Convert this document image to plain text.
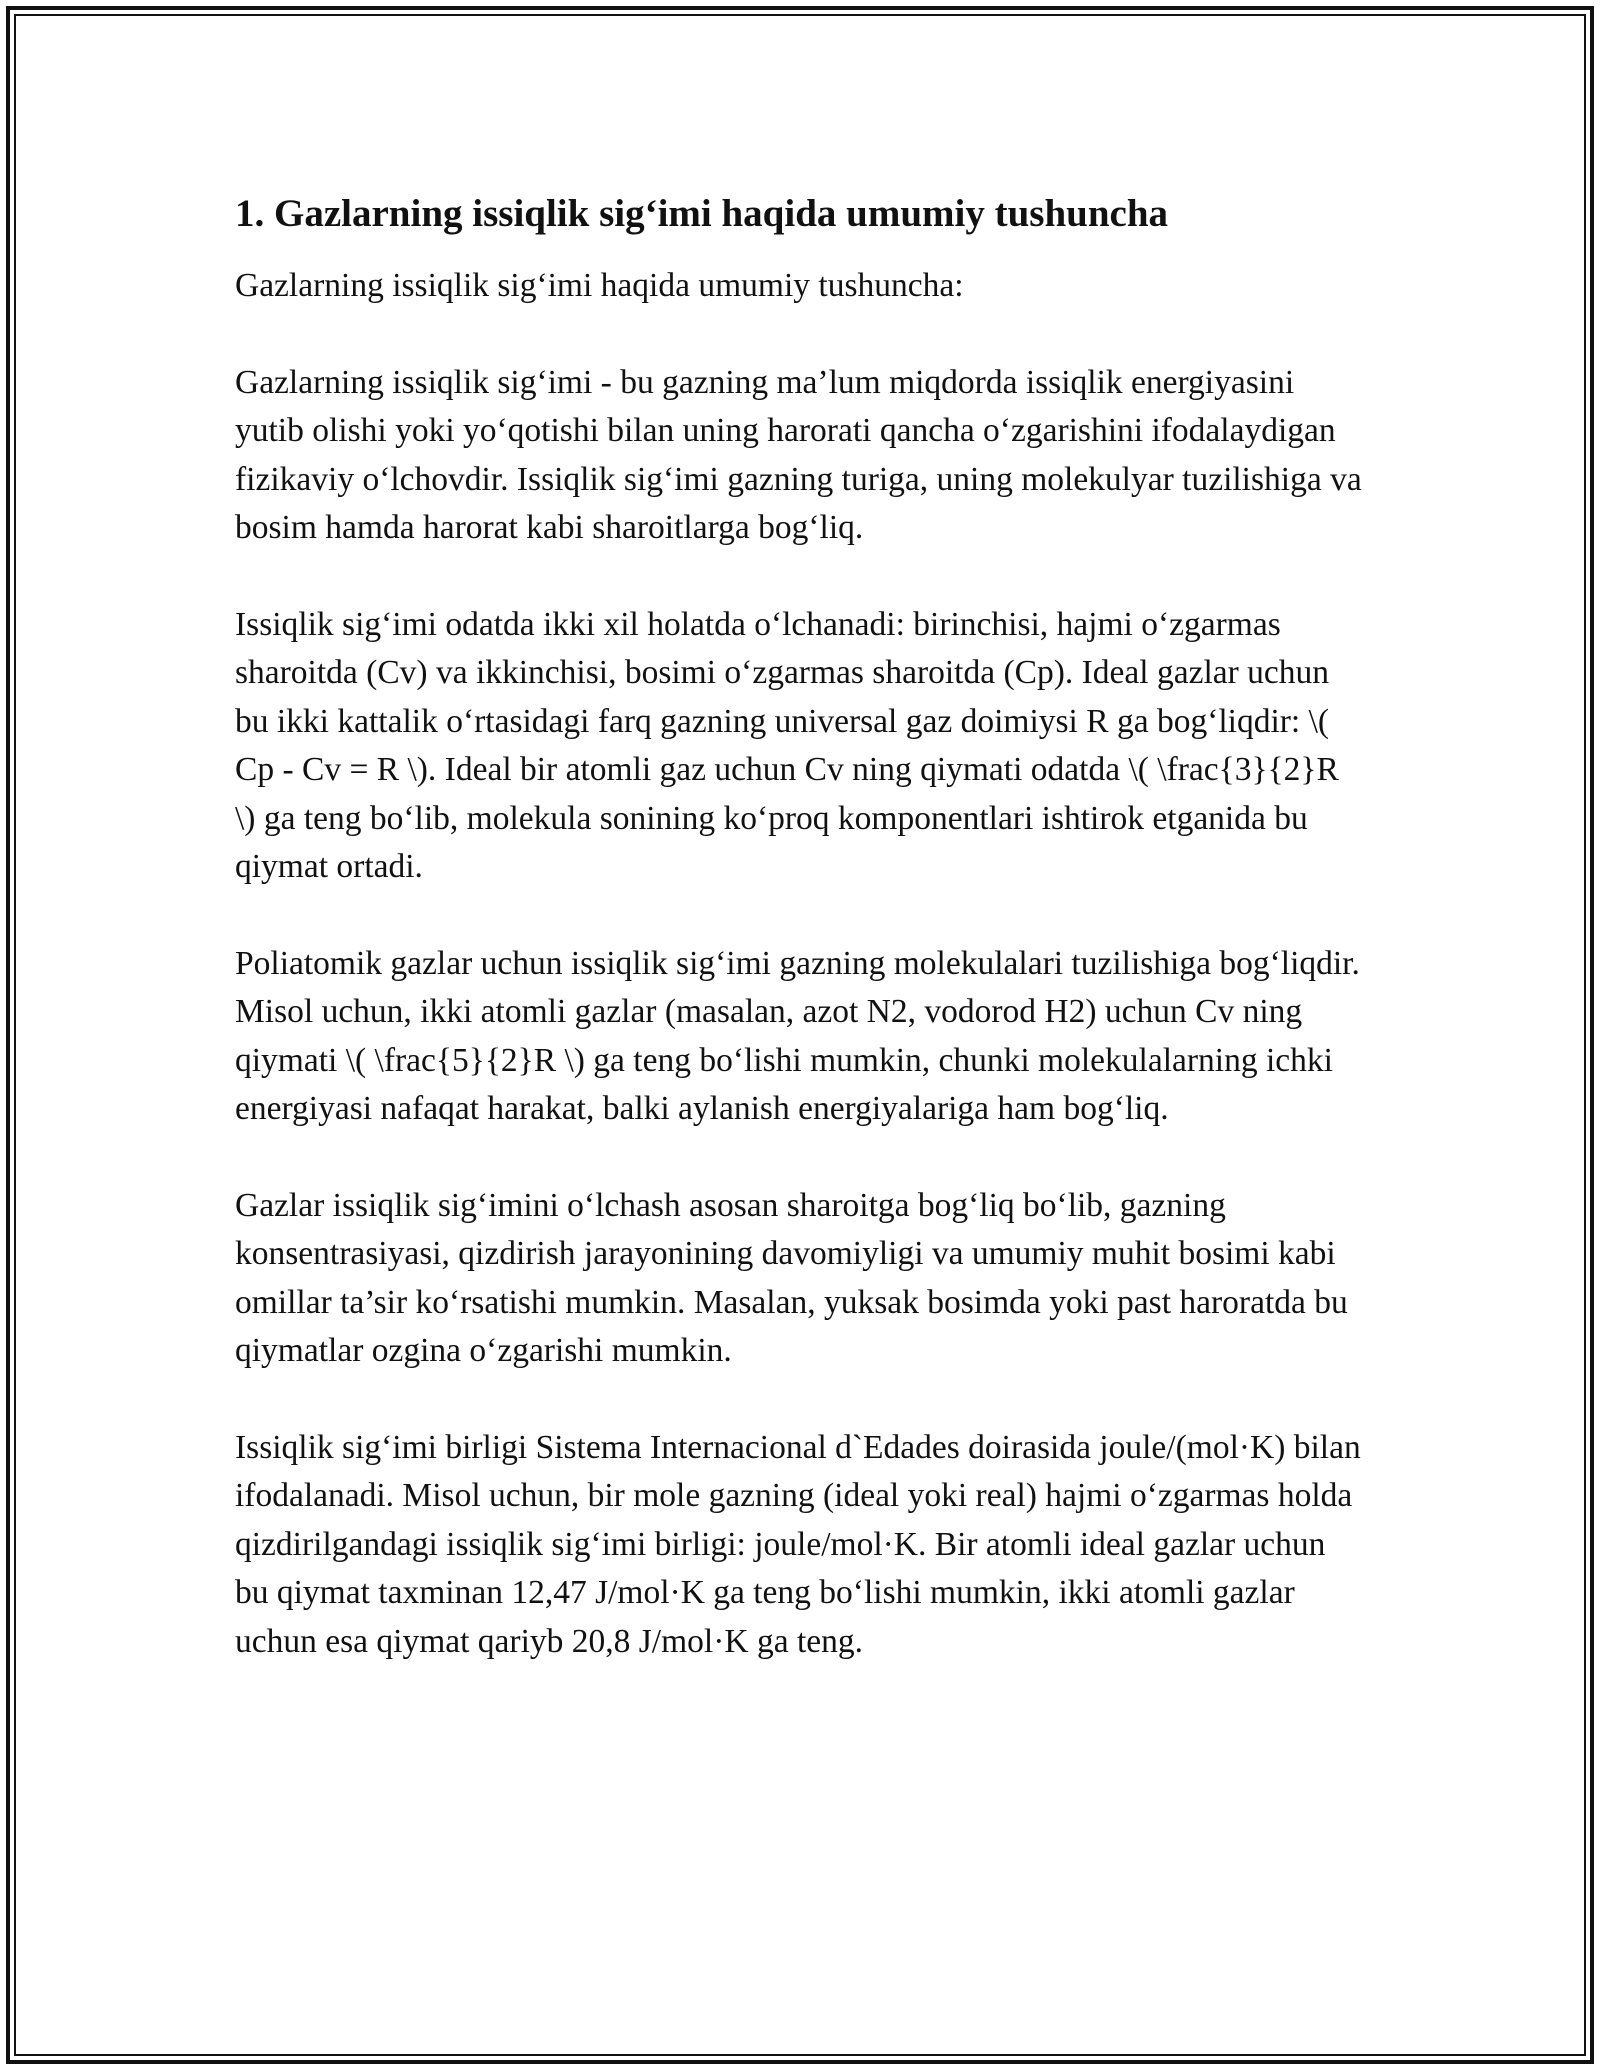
1. Gazlarning issiqlik sig‘imi haqida umumiy tushuncha

Gazlarning issiqlik sig‘imi haqida umumiy tushuncha:

Gazlarning issiqlik sig‘imi - bu gazning ma’lum miqdorda issiqlik energiyasini yutib olishi yoki yo‘qotishi bilan uning harorati qancha o‘zgarishini ifodalaydigan fizikaviy o‘lchovdir. Issiqlik sig‘imi gazning turiga, uning molekulyar tuzilishiga va bosim hamda harorat kabi sharoitlarga bog‘liq.

Issiqlik sig‘imi odatda ikki xil holatda o‘lchanadi: birinchisi, hajmi o‘zgarmas sharoitda (Cv) va ikkinchisi, bosimi o‘zgarmas sharoitda (Cp). Ideal gazlar uchun bu ikki kattalik o‘rtasidagi farq gazning universal gaz doimiysi R ga bog‘liqdir: \( Cp - Cv = R \). Ideal bir atomli gaz uchun Cv ning qiymati odatda \( \frac{3}{2}R \) ga teng bo‘lib, molekula sonining ko‘proq komponentlari ishtirok etganida bu qiymat ortadi.

Poliatomik gazlar uchun issiqlik sig‘imi gazning molekulalari tuzilishiga bog‘liqdir. Misol uchun, ikki atomli gazlar (masalan, azot N2, vodorod H2) uchun Cv ning qiymati \( \frac{5}{2}R \) ga teng bo‘lishi mumkin, chunki molekulalarning ichki energiyasi nafaqat harakat, balki aylanish energiyalariga ham bog‘liq.

Gazlar issiqlik sig‘imini o‘lchash asosan sharoitga bog‘liq bo‘lib, gazning konsentrasiyasi, qizdirish jarayonining davomiyligi va umumiy muhit bosimi kabi omillar ta’sir ko‘rsatishi mumkin. Masalan, yuksak bosimda yoki past haroratda bu qiymatlar ozgina o‘zgarishi mumkin.

Issiqlik sig‘imi birligi Sistema Internacional d`Edades doirasida joule/(mol·K) bilan ifodalanadi. Misol uchun, bir mole gazning (ideal yoki real) hajmi o‘zgarmas holda qizdirilgandagi issiqlik sig‘imi birligi: joule/mol·K. Bir atomli ideal gazlar uchun bu qiymat taxminan 12,47 J/mol·K ga teng bo‘lishi mumkin, ikki atomli gazlar uchun esa qiymat qariyb 20,8 J/mol·K ga teng.
